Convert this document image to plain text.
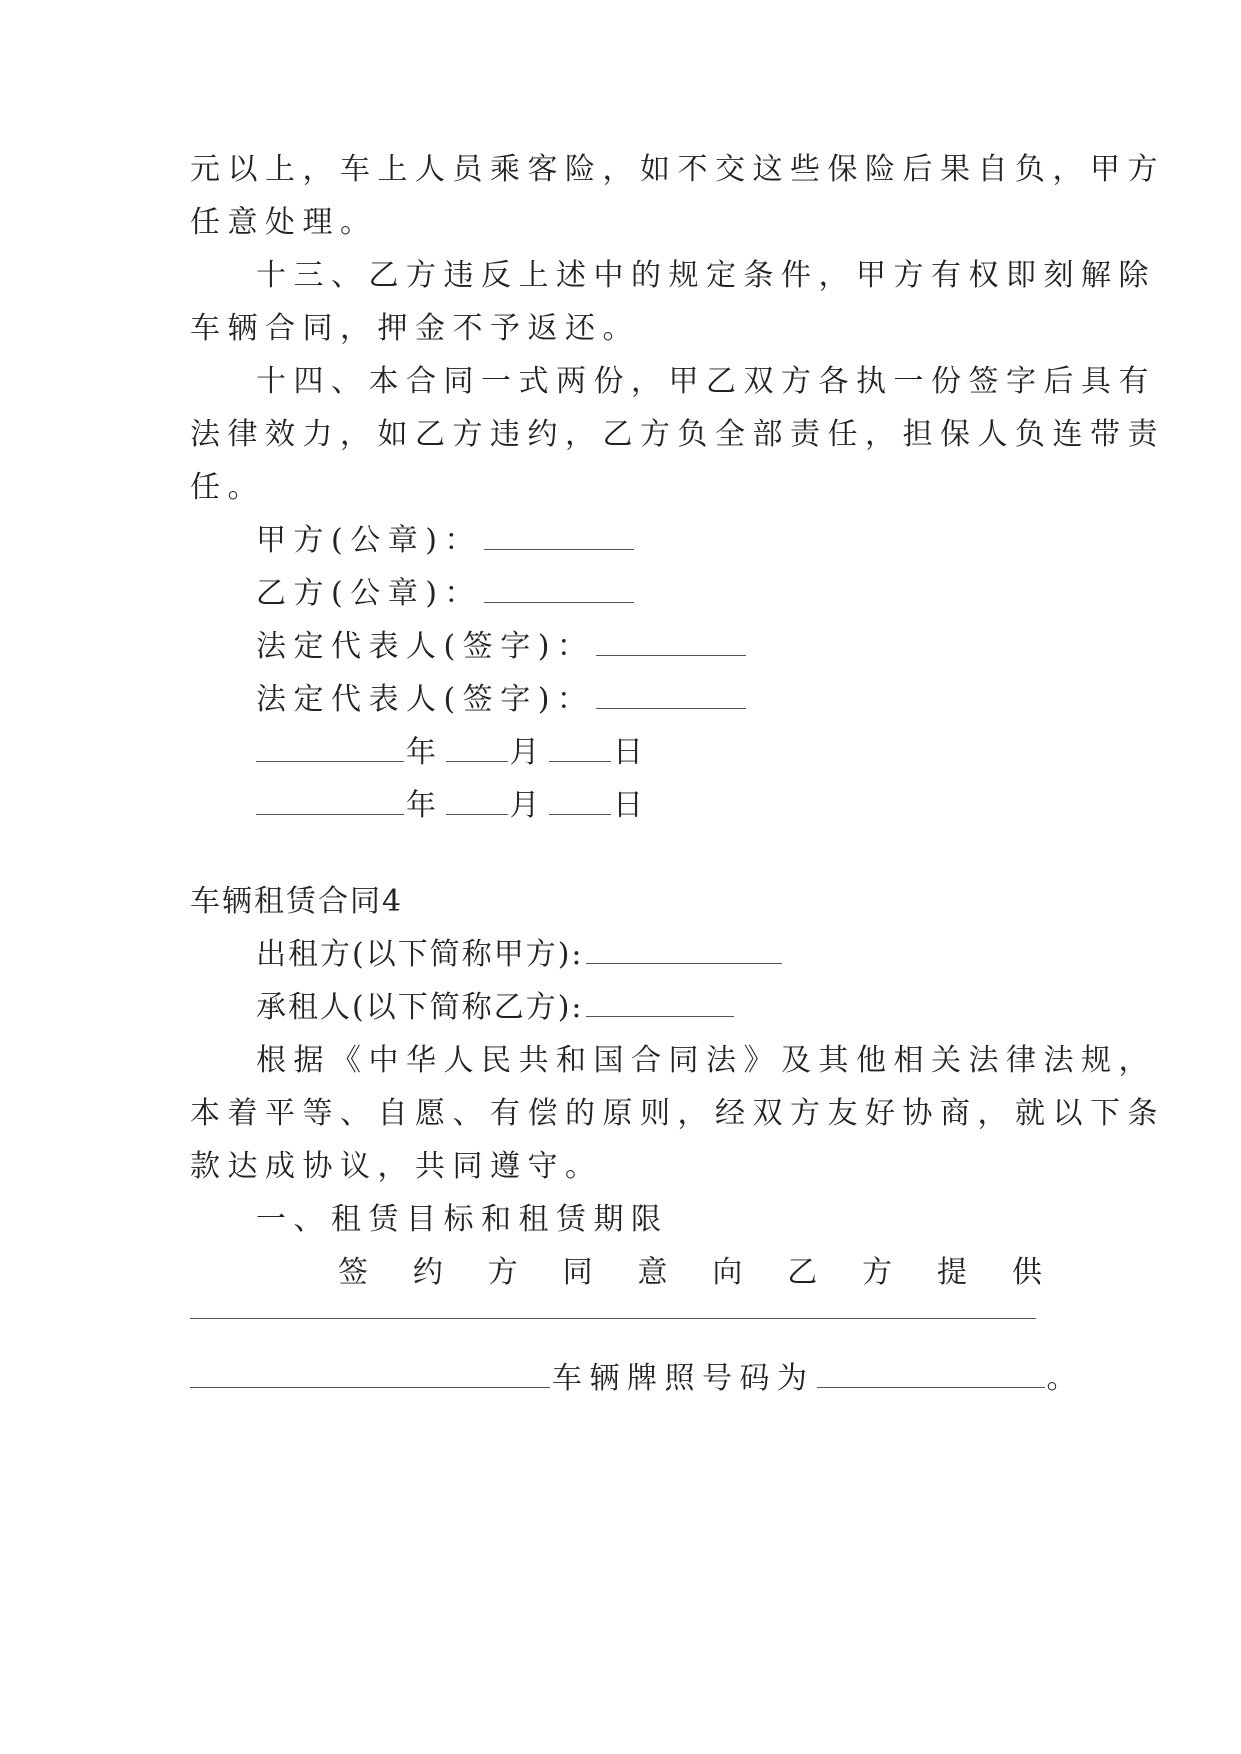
元以上，车上人员乘客险，如不交这些保险后果自负，甲方
任意处理。
十三、乙方违反上述中的规定条件，甲方有权即刻解除
车辆合同，押金不予返还。
十四、本合同一式两份，甲乙双方各执一份签字后具有
法律效力，如乙方违约，乙方负全部责任，担保人负连带责
任。
甲方(公章)：
乙方(公章)：
法定代表人(签字)：
法定代表人(签字)：
年 月 日
年 月 日
车辆租赁合同4
出租方(以下简称甲方):
承租人(以下简称乙方):
根据《中华人民共和国合同法》及其他相关法律法规，
本着平等、自愿、有偿的原则，经双方友好协商，就以下条
款达成协议，共同遵守。
一、租赁目标和租赁期限
签 约 方 同 意 向 乙 方 提 供
车辆牌照号码为	。
